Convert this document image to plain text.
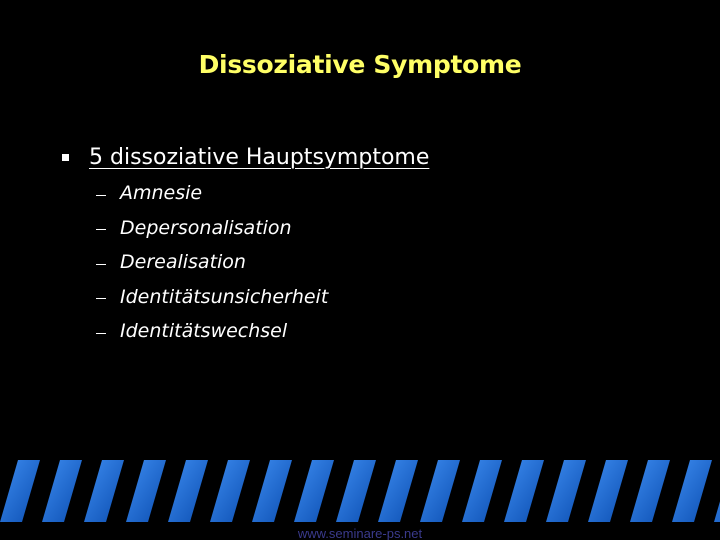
Dissoziative Symptome
5 dissoziative Hauptsymptome
Amnesie
Depersonalisation
Derealisation
Identitätsunsicherheit
Identitätswechsel
www.seminare-ps.net
